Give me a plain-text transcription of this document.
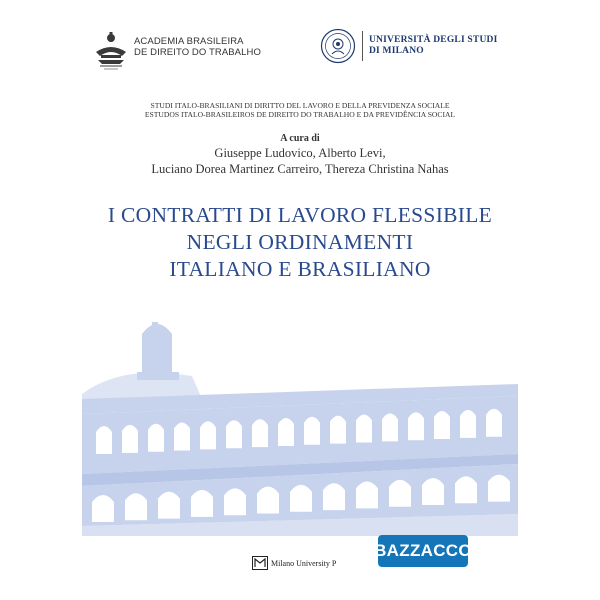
ACADEMIA BRASILEIRA
DE DIREITO DO TRABALHO
UNIVERSITÀ DEGLI STUDI
DI MILANO
STUDI ITALO-BRASILIANI DI DIRITTO DEL LAVORO E DELLA PREVIDENZA SOCIALE
ESTUDOS ITALO-BRASILEIROS DE DIREITO DO TRABALHO E DA PREVIDÊNCIA SOCIAL
A cura di
Giuseppe Ludovico, Alberto Levi,
Luciano Dorea Martinez Carreiro, Thereza Christina Nahas
I CONTRATTI DI LAVORO FLESSIBILE
NEGLI ORDINAMENTI
ITALIANO E BRASILIANO
Milano University P
BAZZACCO
